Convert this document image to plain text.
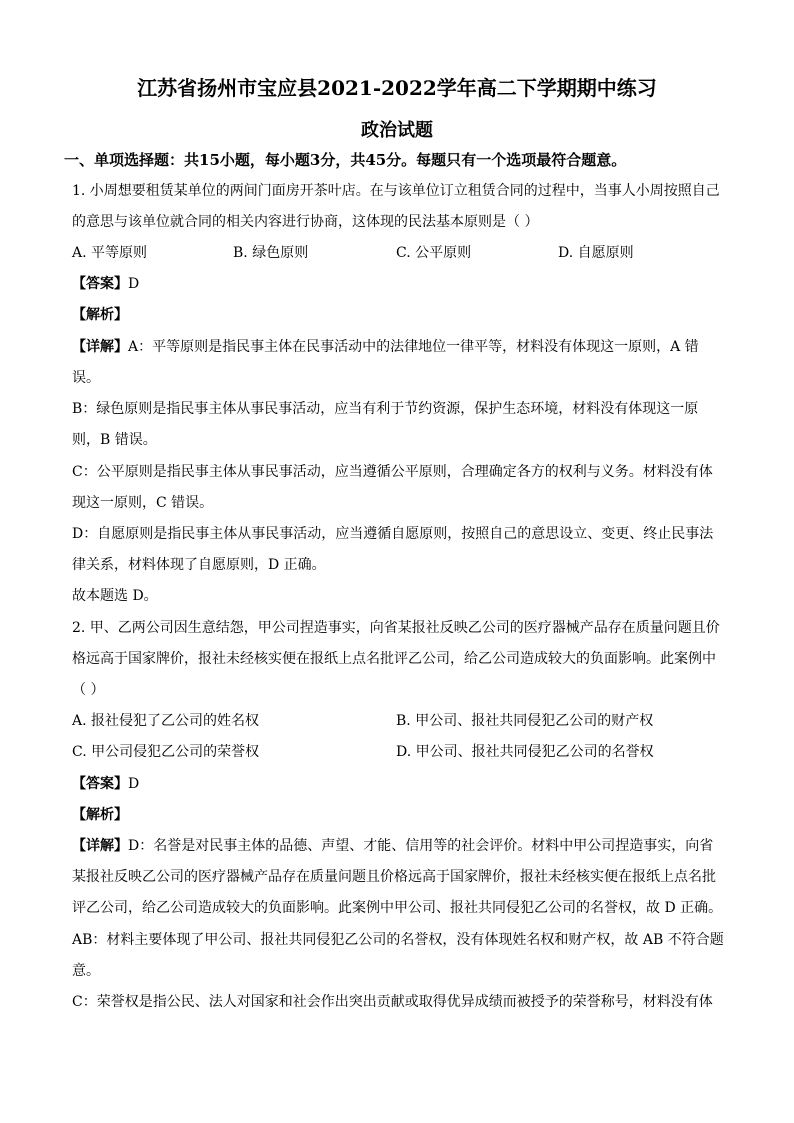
江苏省扬州市宝应县2021-2022学年高二下学期期中练习
政治试题
一、单项选择题：共15小题，每小题3分，共45分。每题只有一个选项最符合题意。
1. 小周想要租赁某单位的两间门面房开茶叶店。在与该单位订立租赁合同的过程中，当事人小周按照自己
的意思与该单位就合同的相关内容进行协商，这体现的民法基本原则是（ ）
A. 平等原则	B. 绿色原则	C. 公平原则	D. 自愿原则
【答案】D
【解析】
【详解】A：平等原则是指民事主体在民事活动中的法律地位一律平等，材料没有体现这一原则，A 错
误。
B：绿色原则是指民事主体从事民事活动，应当有利于节约资源，保护生态环境，材料没有体现这一原
则，B 错误。
C：公平原则是指民事主体从事民事活动，应当遵循公平原则，合理确定各方的权利与义务。材料没有体
现这一原则，C 错误。
D：自愿原则是指民事主体从事民事活动，应当遵循自愿原则，按照自己的意思设立、变更、终止民事法
律关系，材料体现了自愿原则，D 正确。
故本题选 D。
2. 甲、乙两公司因生意结怨，甲公司捏造事实，向省某报社反映乙公司的医疗器械产品存在质量问题且价
格远高于国家牌价，报社未经核实便在报纸上点名批评乙公司，给乙公司造成较大的负面影响。此案例中
（ ）
A. 报社侵犯了乙公司的姓名权	B. 甲公司、报社共同侵犯乙公司的财产权
C. 甲公司侵犯乙公司的荣誉权	D. 甲公司、报社共同侵犯乙公司的名誉权
【答案】D
【解析】
【详解】D：名誉是对民事主体的品德、声望、才能、信用等的社会评价。材料中甲公司捏造事实，向省
某报社反映乙公司的医疗器械产品存在质量问题且价格远高于国家牌价，报社未经核实便在报纸上点名批
评乙公司，给乙公司造成较大的负面影响。此案例中甲公司、报社共同侵犯乙公司的名誉权，故 D 正确。
AB：材料主要体现了甲公司、报社共同侵犯乙公司的名誉权，没有体现姓名权和财产权，故 AB 不符合题
意。
C：荣誉权是指公民、法人对国家和社会作出突出贡献或取得优异成绩而被授予的荣誉称号，材料没有体
